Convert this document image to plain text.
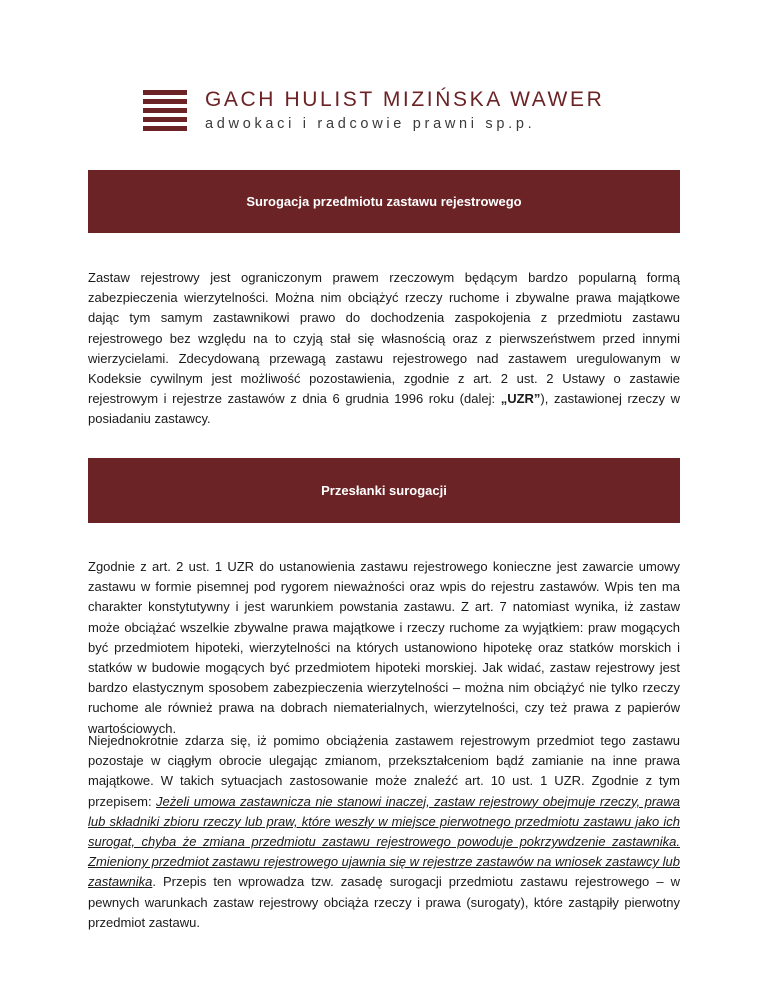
GACH HULIST MIZIŃSKA WAWER
adwokaci i radcowie prawni sp.p.
Surogacja przedmiotu zastawu rejestrowego

Zastaw rejestrowy jest ograniczonym prawem rzeczowym będącym bardzo popularną formą zabezpieczenia wierzytelności. Można nim obciążyć rzeczy ruchome i zbywalne prawa majątkowe dając tym samym zastawnikowi prawo do dochodzenia zaspokojenia z przedmiotu zastawu rejestrowego bez względu na to czyją stał się własnością oraz z pierwszeństwem przed innymi wierzycielami. Zdecydowaną przewagą zastawu rejestrowego nad zastawem uregulowanym w Kodeksie cywilnym jest możliwość pozostawienia, zgodnie z art. 2 ust. 2 Ustawy o zastawie rejestrowym i rejestrze zastawów z dnia 6 grudnia 1996 roku (dalej: „UZR”), zastawionej rzeczy w posiadaniu zastawcy.

Przesłanki surogacji

Zgodnie z art. 2 ust. 1 UZR do ustanowienia zastawu rejestrowego konieczne jest zawarcie umowy zastawu w formie pisemnej pod rygorem nieważności oraz wpis do rejestru zastawów. Wpis ten ma charakter konstytutywny i jest warunkiem powstania zastawu. Z art. 7 natomiast wynika, iż zastaw może obciążać wszelkie zbywalne prawa majątkowe i rzeczy ruchome za wyjątkiem: praw mogących być przedmiotem hipoteki, wierzytelności na których ustanowiono hipotekę oraz statków morskich i statków w budowie mogących być przedmiotem hipoteki morskiej. Jak widać, zastaw rejestrowy jest bardzo elastycznym sposobem zabezpieczenia wierzytelności – można nim obciążyć nie tylko rzeczy ruchome ale również prawa na dobrach niematerialnych, wierzytelności, czy też prawa z papierów wartościowych.

Niejednokrotnie zdarza się, iż pomimo obciążenia zastawem rejestrowym przedmiot tego zastawu pozostaje w ciągłym obrocie ulegając zmianom, przekształceniom bądź zamianie na inne prawa majątkowe. W takich sytuacjach zastosowanie może znaleźć art. 10 ust. 1 UZR. Zgodnie z tym przepisem: Jeżeli umowa zastawnicza nie stanowi inaczej, zastaw rejestrowy obejmuje rzeczy, prawa lub składniki zbioru rzeczy lub praw, które weszły w miejsce pierwotnego przedmiotu zastawu jako ich surogat, chyba że zmiana przedmiotu zastawu rejestrowego powoduje pokrzywdzenie zastawnika. Zmieniony przedmiot zastawu rejestrowego ujawnia się w rejestrze zastawów na wniosek zastawcy lub zastawnika. Przepis ten wprowadza tzw. zasadę surogacji przedmiotu zastawu rejestrowego – w pewnych warunkach zastaw rejestrowy obciąża rzeczy i prawa (surogaty), które zastąpiły pierwotny przedmiot zastawu.
